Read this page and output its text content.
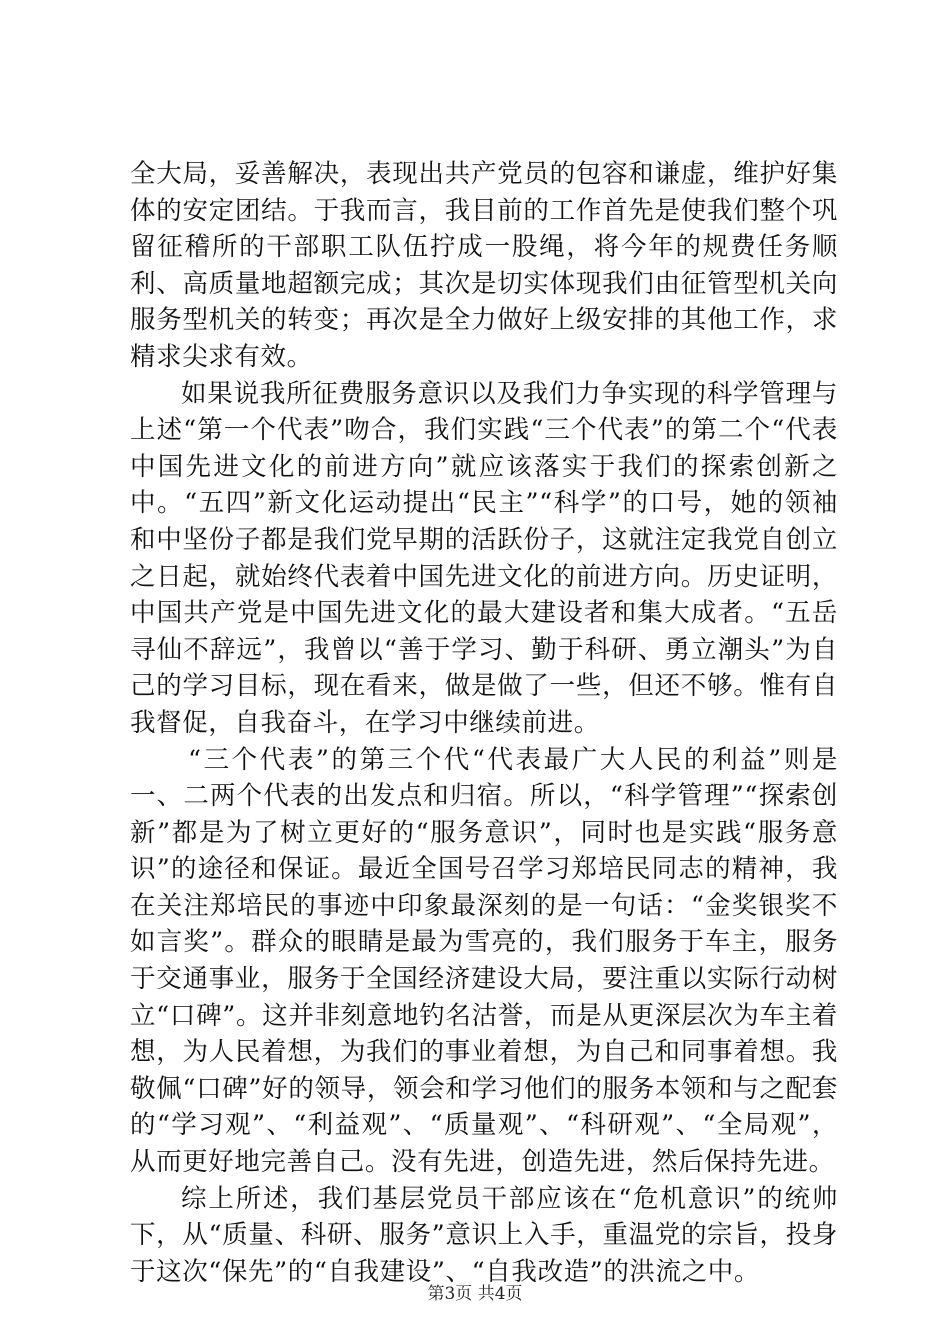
全大局，妥善解决，表现出共产党员的包容和谦虚，维护好集体的安定团结。于我而言，我目前的工作首先是使我们整个巩留征稽所的干部职工队伍拧成一股绳，将今年的规费任务顺利、高质量地超额完成；其次是切实体现我们由征管型机关向服务型机关的转变；再次是全力做好上级安排的其他工作，求精求尖求有效。

如果说我所征费服务意识以及我们力争实现的科学管理与上述“第一个代表”吻合，我们实践“三个代表”的第二个“代表中国先进文化的前进方向”就应该落实于我们的探索创新之中。“五四”新文化运动提出“民主”“科学”的口号，她的领袖和中坚份子都是我们党早期的活跃份子，这就注定我党自创立之日起，就始终代表着中国先进文化的前进方向。历史证明，中国共产党是中国先进文化的最大建设者和集大成者。“五岳寻仙不辞远”，我曾以“善于学习、勤于科研、勇立潮头”为自己的学习目标，现在看来，做是做了一些，但还不够。惟有自我督促，自我奋斗，在学习中继续前进。

“三个代表”的第三个代“代表最广大人民的利益”则是一、二两个代表的出发点和归宿。所以，“科学管理”“探索创新”都是为了树立更好的“服务意识”，同时也是实践“服务意识”的途径和保证。最近全国号召学习郑培民同志的精神，我在关注郑培民的事迹中印象最深刻的是一句话：“金奖银奖不如言奖”。群众的眼睛是最为雪亮的，我们服务于车主，服务于交通事业，服务于全国经济建设大局，要注重以实际行动树立“口碑”。这并非刻意地钓名沽誉，而是从更深层次为车主着想，为人民着想，为我们的事业着想，为自己和同事着想。我敬佩“口碑”好的领导，领会和学习他们的服务本领和与之配套的“学习观”、“利益观”、“质量观”、“科研观”、“全局观”，从而更好地完善自己。没有先进，创造先进，然后保持先进。

综上所述，我们基层党员干部应该在“危机意识”的统帅下，从“质量、科研、服务”意识上入手，重温党的宗旨，投身于这次“保先”的“自我建设”、“自我改造”的洪流之中。

第3页 共4页
